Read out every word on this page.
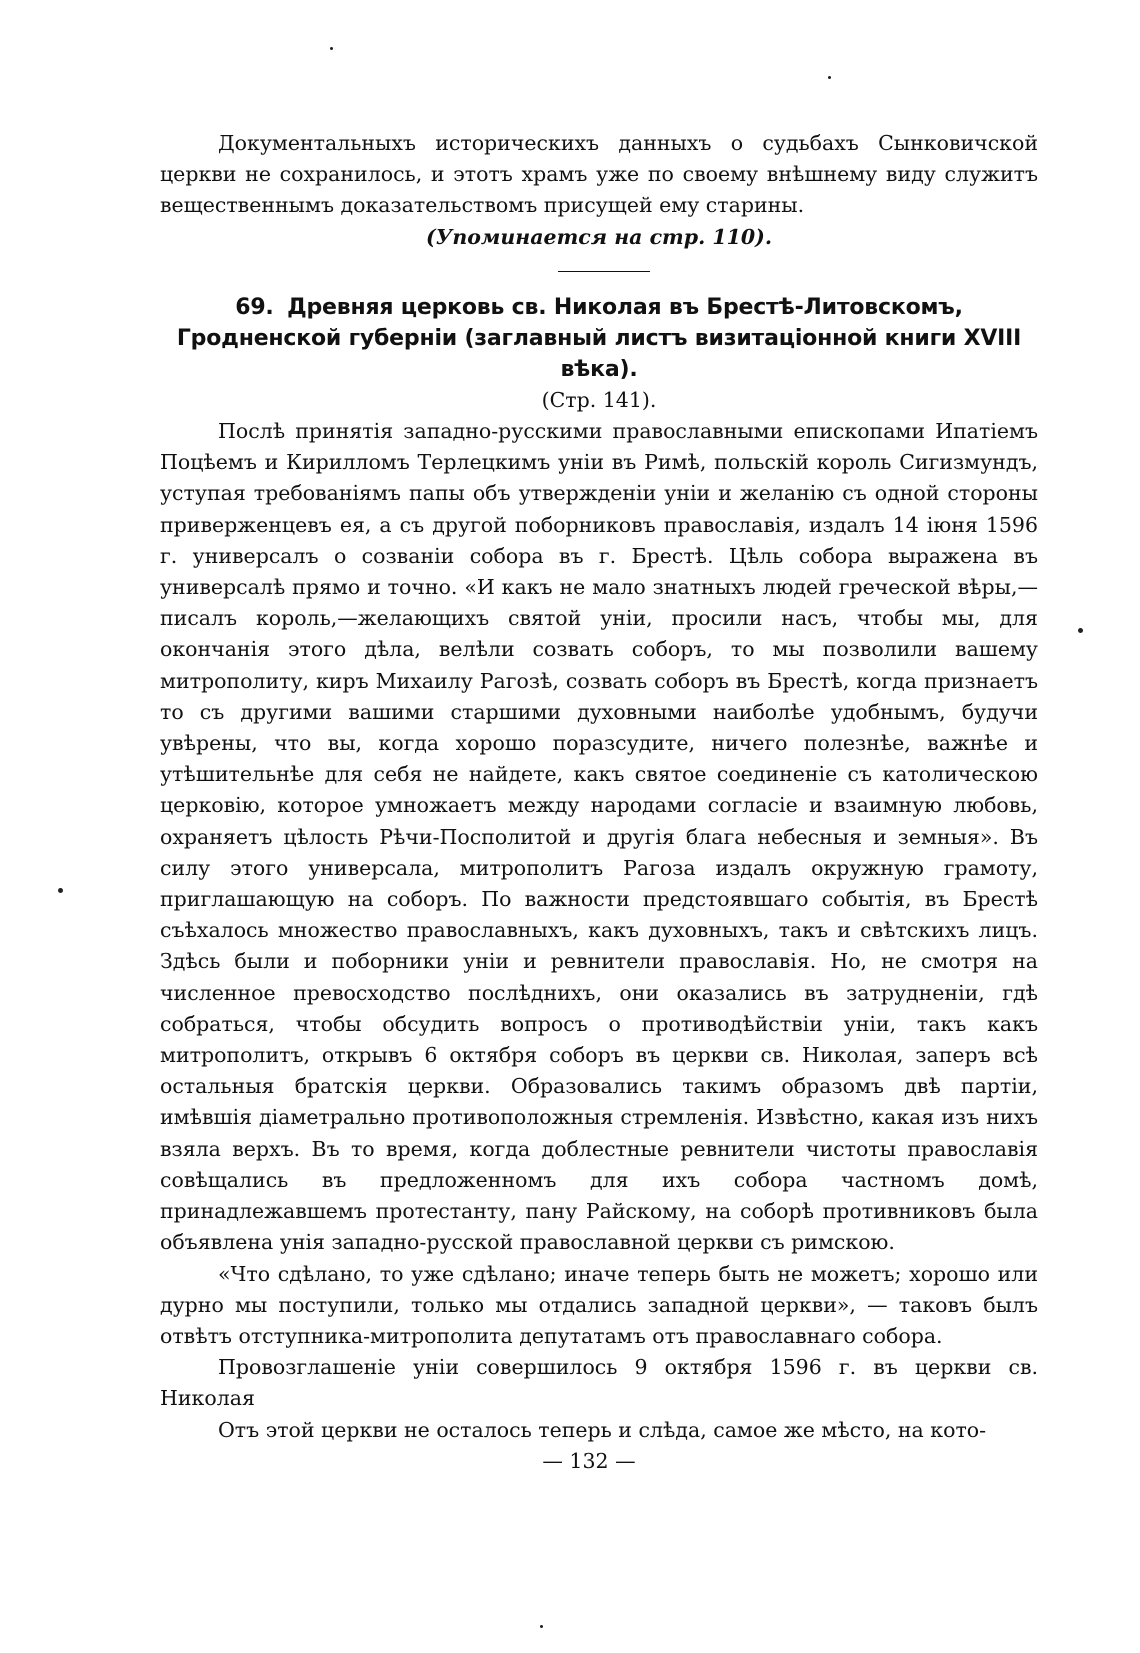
Документальныхъ историческихъ данныхъ о судьбахъ Сынковичской церкви не сохранилось, и этотъ храмъ уже по своему внѣшнему виду служитъ вещественнымъ доказательствомъ присущей ему старины.

(Упоминается на стр. 110).

69. Древняя церковь св. Николая въ Брестѣ-Литовскомъ, Гродненской губерніи (заглавный листъ визитаціонной книги XVIII вѣка).

(Стр. 141).

Послѣ принятія западно-русскими православными епископами Ипатіемъ Поцѣемъ и Кирилломъ Терлецкимъ уніи въ Римѣ, польскій король Сигизмундъ, уступая требованіямъ папы объ утвержденіи уніи и желанію съ одной стороны приверженцевъ ея, а съ другой поборниковъ православія, издалъ 14 іюня 1596 г. универсалъ о созваніи собора въ г. Брестѣ. Цѣль собора выражена въ универсалѣ прямо и точно. «И какъ не мало знатныхъ людей греческой вѣры,—писалъ король,—желающихъ святой уніи, просили насъ, чтобы мы, для окончанія этого дѣла, велѣли созвать соборъ, то мы позволили вашему митрополиту, киръ Михаилу Рагозѣ, созвать соборъ въ Брестѣ, когда признаетъ то съ другими вашими старшими духовными наиболѣе удобнымъ, будучи увѣрены, что вы, когда хорошо поразсудите, ничего полезнѣе, важнѣе и утѣшительнѣе для себя не найдете, какъ святое соединеніе съ католическою церковію, которое умножаетъ между народами согласіе и взаимную любовь, охраняетъ цѣлость Рѣчи-Посполитой и другія блага небесныя и земныя». Въ силу этого универсала, митрополитъ Рагоза издалъ окружную грамоту, приглашающую на соборъ. По важности предстоявшаго событія, въ Брестѣ съѣхалось множество православныхъ, какъ духовныхъ, такъ и свѣтскихъ лицъ. Здѣсь были и поборники уніи и ревнители православія. Но, не смотря на численное превосходство послѣднихъ, они оказались въ затрудненіи, гдѣ собраться, чтобы обсудить вопросъ о противодѣйствіи уніи, такъ какъ митрополитъ, открывъ 6 октября соборъ въ церкви св. Николая, заперъ всѣ остальныя братскія церкви. Образовались такимъ образомъ двѣ партіи, имѣвшія діаметрально противоположныя стремленія. Извѣстно, какая изъ нихъ взяла верхъ. Въ то время, когда доблестные ревнители чистоты православія совѣщались въ предложенномъ для ихъ собора частномъ домѣ, принадлежавшемъ протестанту, пану Райскому, на соборѣ противниковъ была объявлена унія западно-русской православной церкви съ римскою.

«Что сдѣлано, то уже сдѣлано; иначе теперь быть не можетъ; хорошо или дурно мы поступили, только мы отдались западной церкви», — таковъ былъ отвѣтъ отступника-митрополита депутатамъ отъ православнаго собора.

Провозглашеніе уніи совершилось 9 октября 1596 г. въ церкви св. Николая

Отъ этой церкви не осталось теперь и слѣда, самое же мѣсто, на кото-

— 132 —
